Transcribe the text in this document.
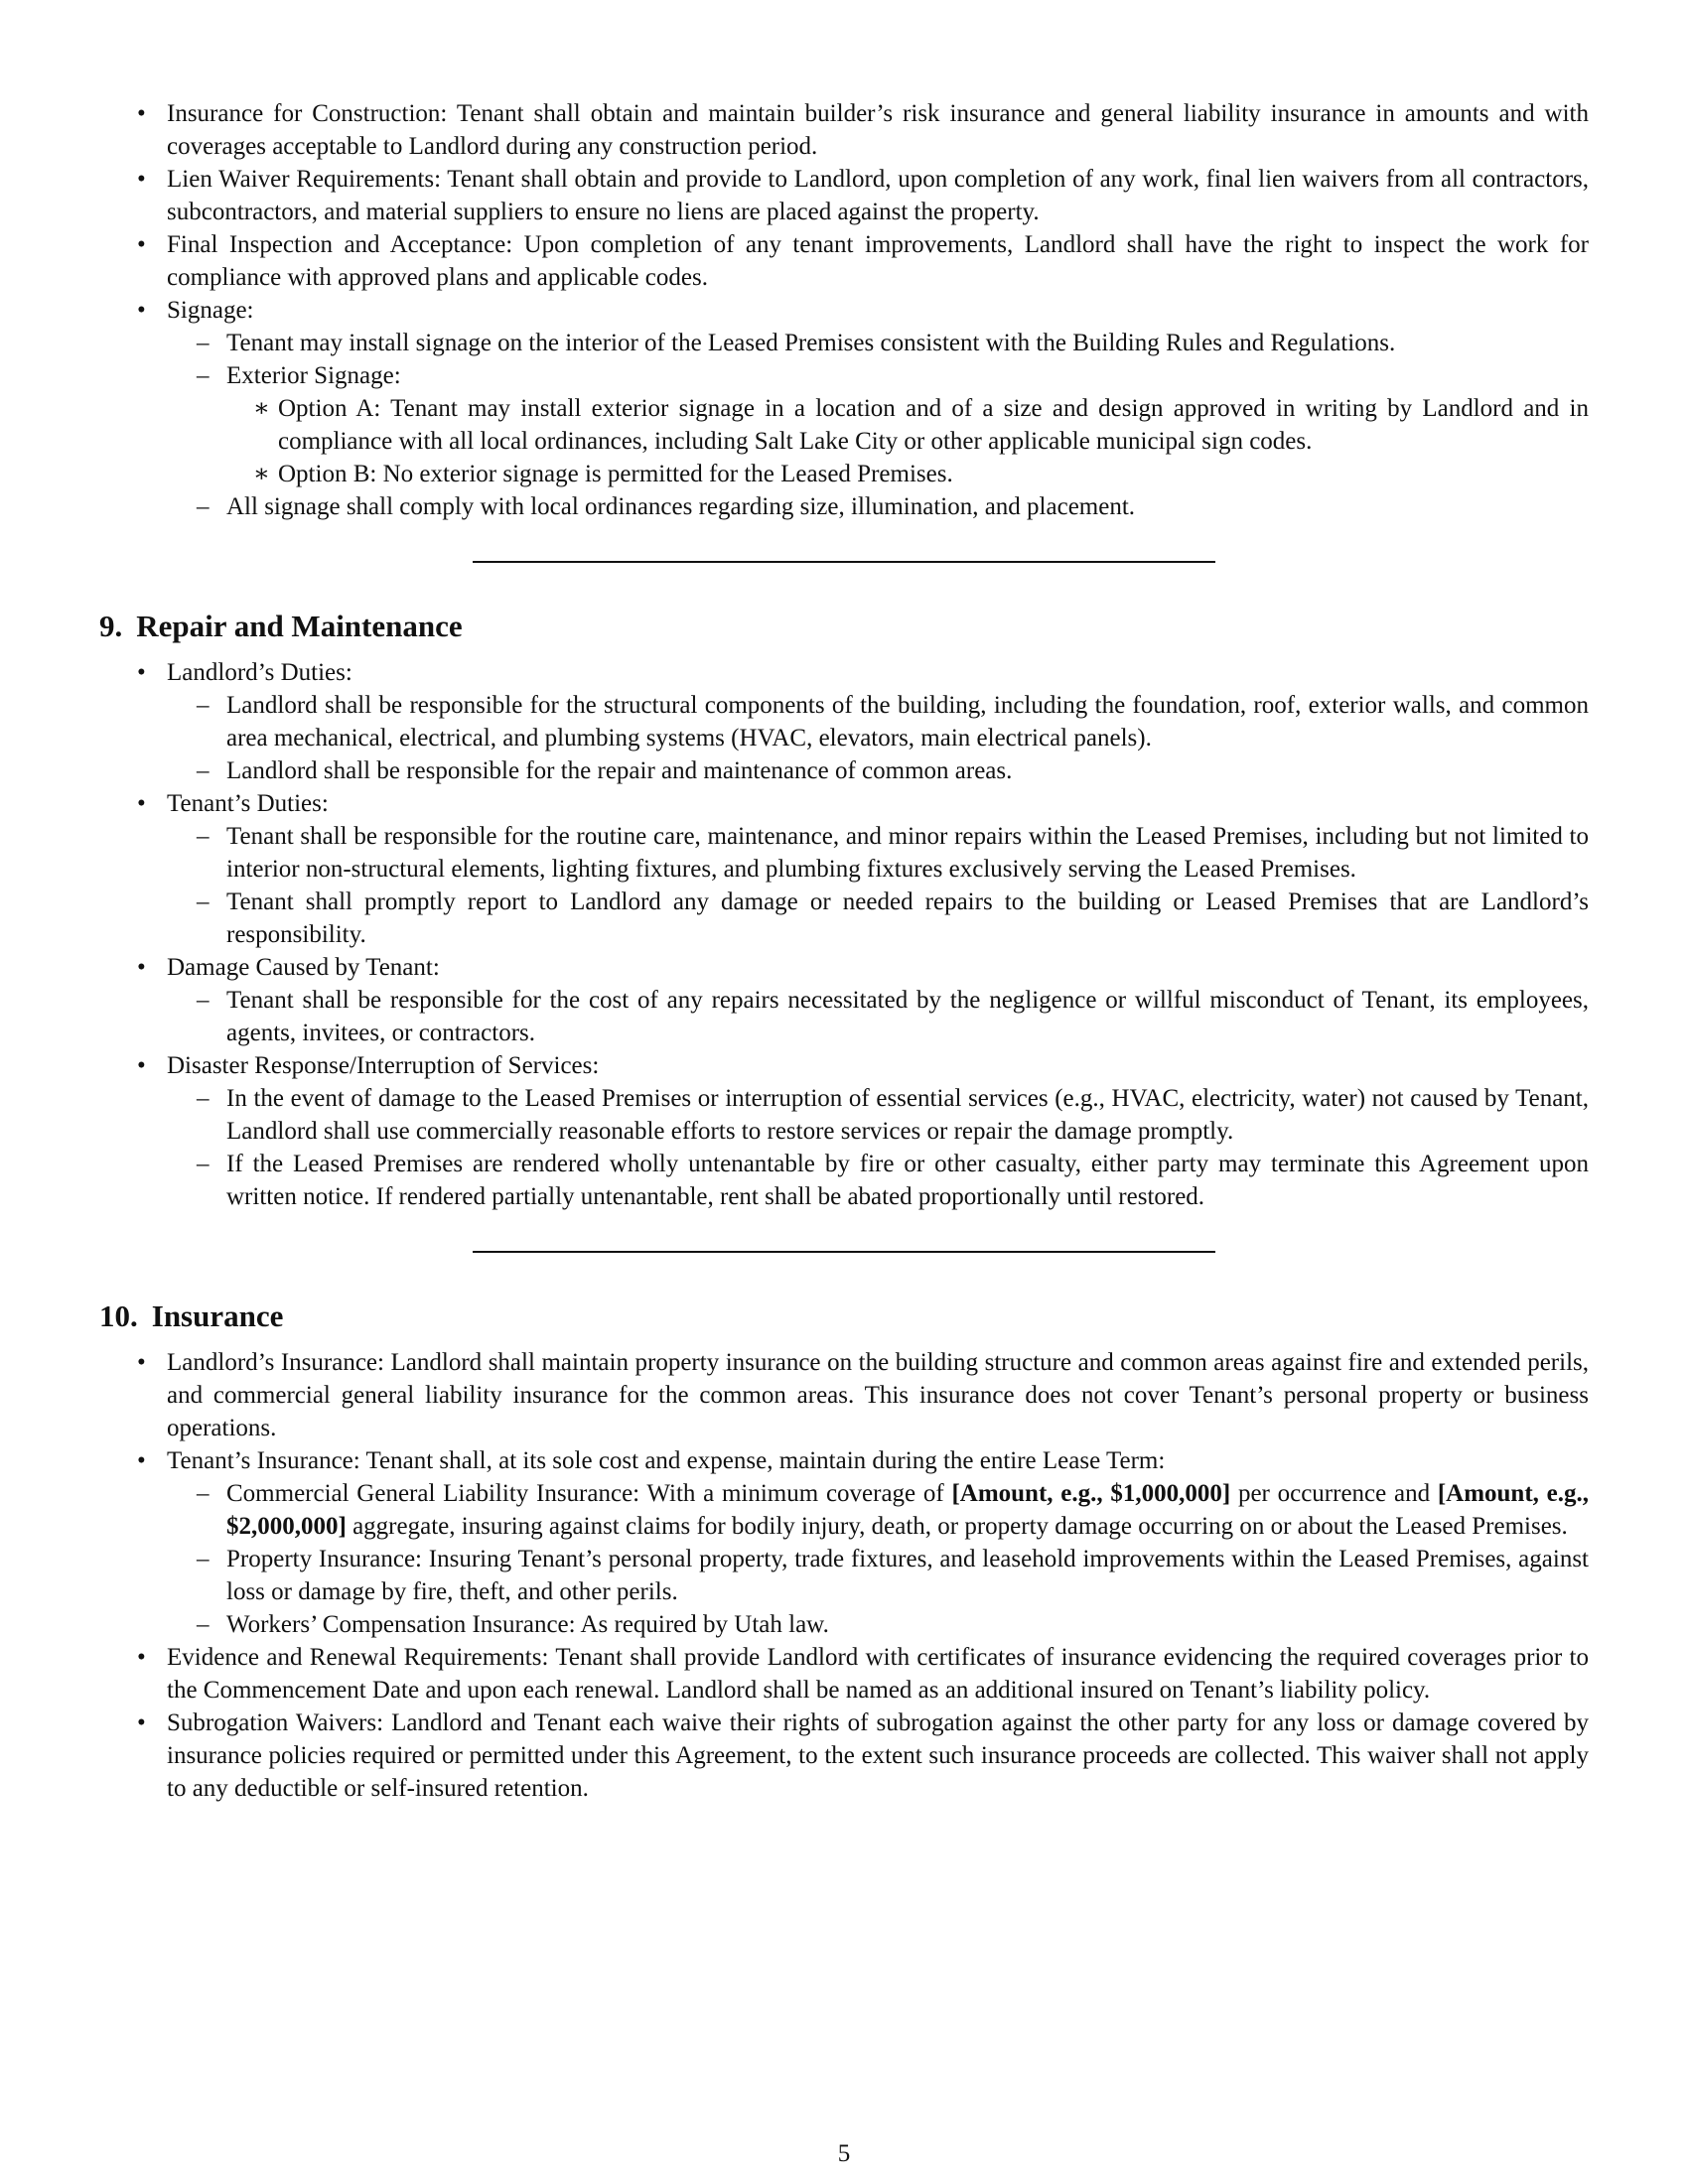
• Insurance for Construction: Tenant shall obtain and maintain builder’s risk insurance and general liability insurance in amounts and with coverages acceptable to Landlord during any construction period.
• Lien Waiver Requirements: Tenant shall obtain and provide to Landlord, upon completion of any work, final lien waivers from all contractors, subcontractors, and material suppliers to ensure no liens are placed against the property.
• Final Inspection and Acceptance: Upon completion of any tenant improvements, Landlord shall have the right to inspect the work for compliance with approved plans and applicable codes.
• Signage:
– Tenant may install signage on the interior of the Leased Premises consistent with the Building Rules and Regulations.
– Exterior Signage:
∗ Option A: Tenant may install exterior signage in a location and of a size and design approved in writing by Landlord and in compliance with all local ordinances, including Salt Lake City or other applicable municipal sign codes.
∗ Option B: No exterior signage is permitted for the Leased Premises.
– All signage shall comply with local ordinances regarding size, illumination, and placement.
9. Repair and Maintenance
• Landlord’s Duties:
– Landlord shall be responsible for the structural components of the building, including the foundation, roof, exterior walls, and common area mechanical, electrical, and plumbing systems (HVAC, elevators, main electrical panels).
– Landlord shall be responsible for the repair and maintenance of common areas.
• Tenant’s Duties:
– Tenant shall be responsible for the routine care, maintenance, and minor repairs within the Leased Premises, including but not limited to interior non-structural elements, lighting fixtures, and plumbing fixtures exclusively serving the Leased Premises.
– Tenant shall promptly report to Landlord any damage or needed repairs to the building or Leased Premises that are Landlord’s responsibility.
• Damage Caused by Tenant:
– Tenant shall be responsible for the cost of any repairs necessitated by the negligence or willful misconduct of Tenant, its employees, agents, invitees, or contractors.
• Disaster Response/Interruption of Services:
– In the event of damage to the Leased Premises or interruption of essential services (e.g., HVAC, electricity, water) not caused by Tenant, Landlord shall use commercially reasonable efforts to restore services or repair the damage promptly.
– If the Leased Premises are rendered wholly untenantable by fire or other casualty, either party may terminate this Agreement upon written notice. If rendered partially untenantable, rent shall be abated proportionally until restored.
10. Insurance
• Landlord’s Insurance: Landlord shall maintain property insurance on the building structure and common areas against fire and extended perils, and commercial general liability insurance for the common areas. This insurance does not cover Tenant’s personal property or business operations.
• Tenant’s Insurance: Tenant shall, at its sole cost and expense, maintain during the entire Lease Term:
– Commercial General Liability Insurance: With a minimum coverage of [Amount, e.g., $1,000,000] per occurrence and [Amount, e.g., $2,000,000] aggregate, insuring against claims for bodily injury, death, or property damage occurring on or about the Leased Premises.
– Property Insurance: Insuring Tenant’s personal property, trade fixtures, and leasehold improvements within the Leased Premises, against loss or damage by fire, theft, and other perils.
– Workers’ Compensation Insurance: As required by Utah law.
• Evidence and Renewal Requirements: Tenant shall provide Landlord with certificates of insurance evidencing the required coverages prior to the Commencement Date and upon each renewal. Landlord shall be named as an additional insured on Tenant’s liability policy.
• Subrogation Waivers: Landlord and Tenant each waive their rights of subrogation against the other party for any loss or damage covered by insurance policies required or permitted under this Agreement, to the extent such insurance proceeds are collected. This waiver shall not apply to any deductible or self-insured retention.
5
